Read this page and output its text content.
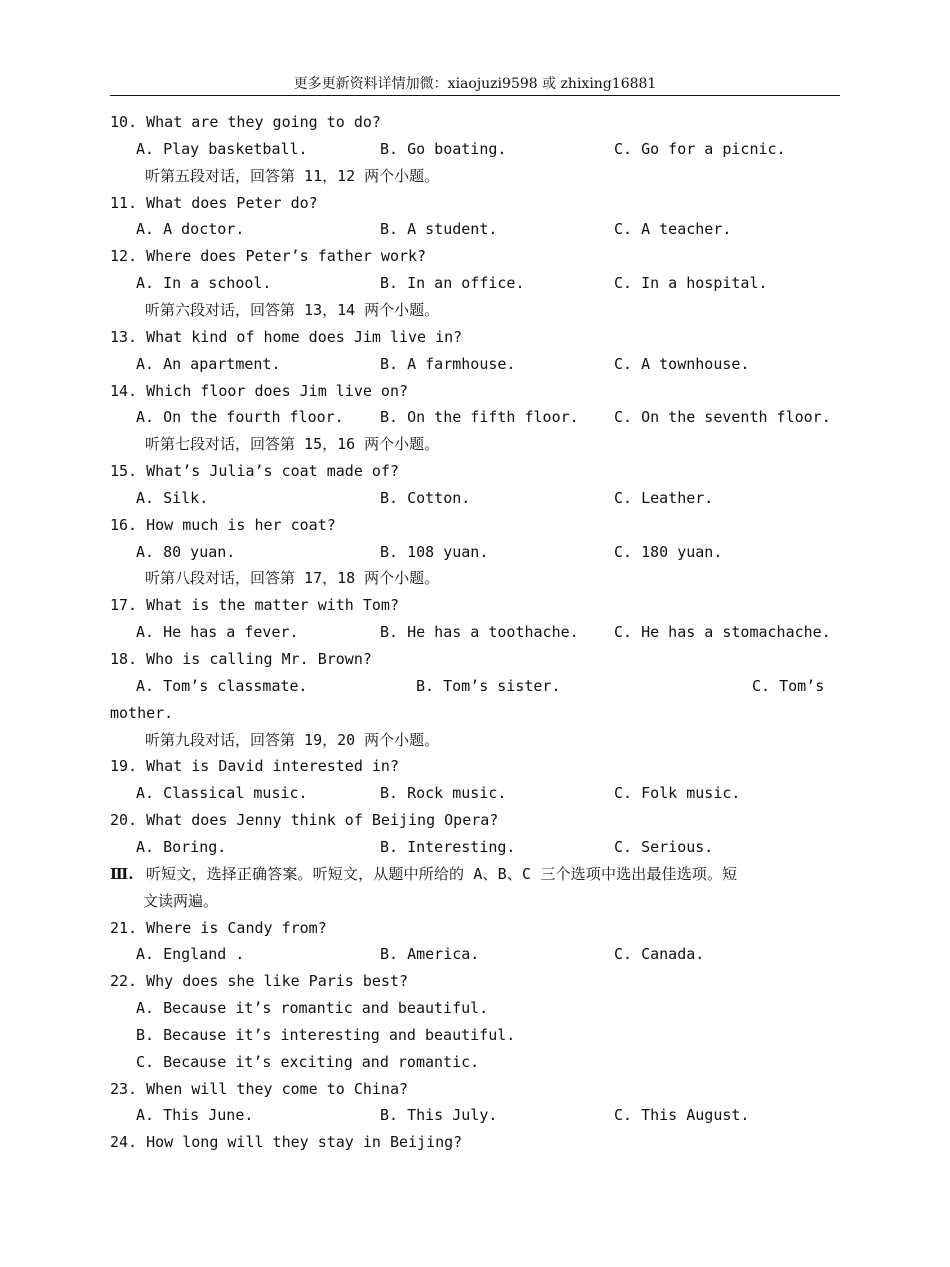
更多更新资料详情加微：xiaojuzi9598 或 zhixing16881
10. What are they going to do?
A. Play basketball.	B. Go boating.	C. Go for a picnic.
听第五段对话，回答第 11，12 两个小题。
11. What does Peter do?
A. A doctor.	B. A student.	C. A teacher.
12. Where does Peter’s father work?
A. In a school.	B. In an office.	C. In a hospital.
听第六段对话，回答第 13，14 两个小题。
13. What kind of home does Jim live in?
A. An apartment.	B. A farmhouse.	C. A townhouse.
14. Which floor does Jim live on?
A. On the fourth floor. B. On the fifth floor. C. On the seventh floor.
听第七段对话，回答第 15，16 两个小题。
15. What’s Julia’s coat made of?
A. Silk.	B. Cotton.	C. Leather.
16. How much is her coat?
A. 80 yuan.	B. 108 yuan.	C. 180 yuan.
听第八段对话，回答第 17，18 两个小题。
17. What is the matter with Tom?
A. He has a fever.	B. He has a toothache. C. He has a stomachache.
18. Who is calling Mr. Brown?
A. Tom’s classmate.	B. Tom’s sister.	C. Tom’s
mother.
听第九段对话，回答第 19，20 两个小题。
19. What is David interested in?
A. Classical music.	B. Rock music.	C. Folk music.
20. What does Jenny think of Beijing Opera?
A. Boring.	B. Interesting.	C. Serious.
Ⅲ. 听短文，选择正确答案。听短文，从题中所给的 A、B、C 三个选项中选出最佳选项。短
文读两遍。
21. Where is Candy from?
A. England .	B. America.	C. Canada.
22. Why does she like Paris best?
A. Because it’s romantic and beautiful.
B. Because it’s interesting and beautiful.
C. Because it’s exciting and romantic.
23. When will they come to China?
A. This June.	B. This July.	C. This August.
24. How long will they stay in Beijing?
